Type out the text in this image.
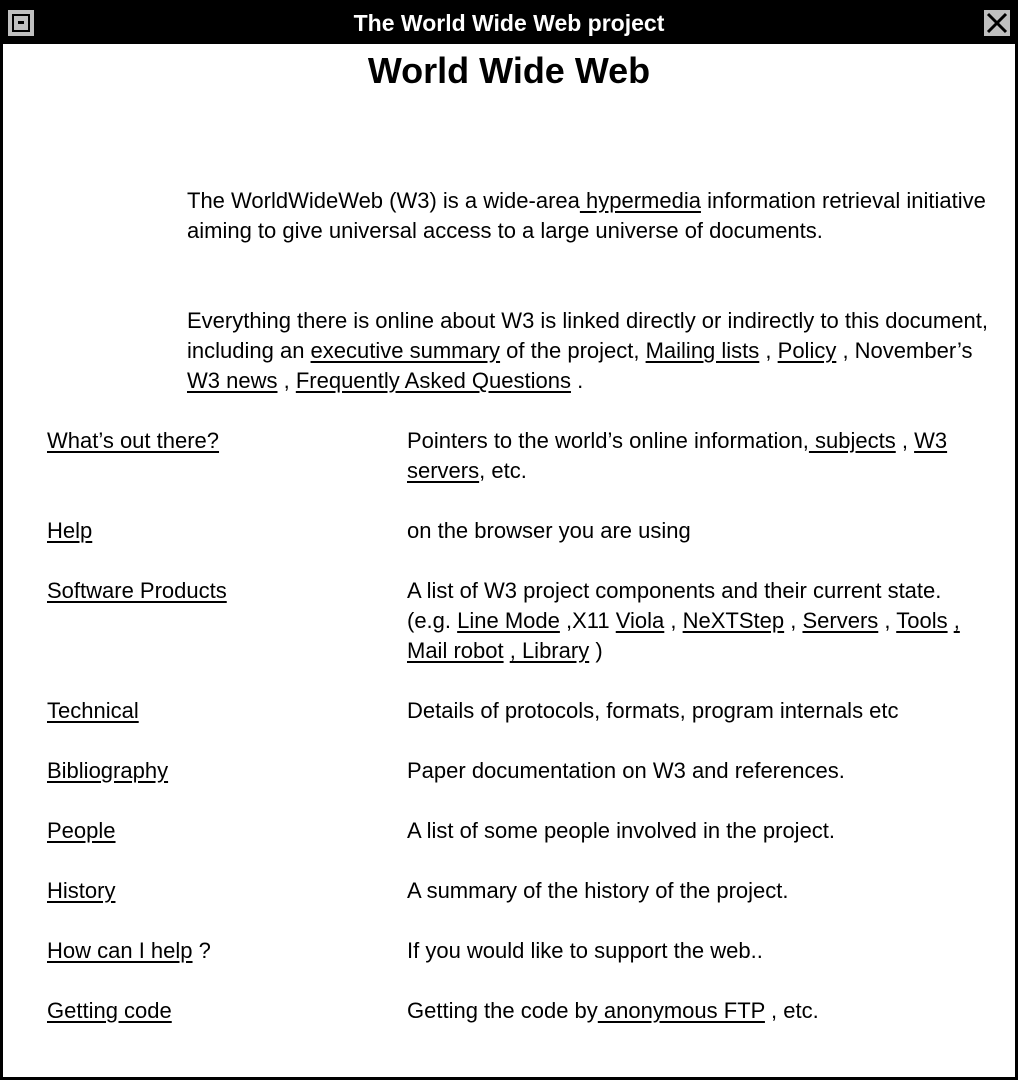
The World Wide Web project
World Wide Web
The WorldWideWeb (W3) is a wide-area hypermedia information retrieval initiative aiming to give universal access to a large universe of documents.
Everything there is online about W3 is linked directly or indirectly to this document, including an executive summary of the project, Mailing lists , Policy , November’s W3 news , Frequently Asked Questions .
What’s out there?	Pointers to the world’s online information, subjects , W3 servers, etc.
Help	on the browser you are using
Software Products	A list of W3 project components and their current state. (e.g. Line Mode ,X11 Viola , NeXTStep , Servers , Tools , Mail robot , Library )
Technical	Details of protocols, formats, program internals etc
Bibliography	Paper documentation on W3 and references.
People	A list of some people involved in the project.
History	A summary of the history of the project.
How can I help ?	If you would like to support the web..
Getting code	Getting the code by anonymous FTP , etc.
